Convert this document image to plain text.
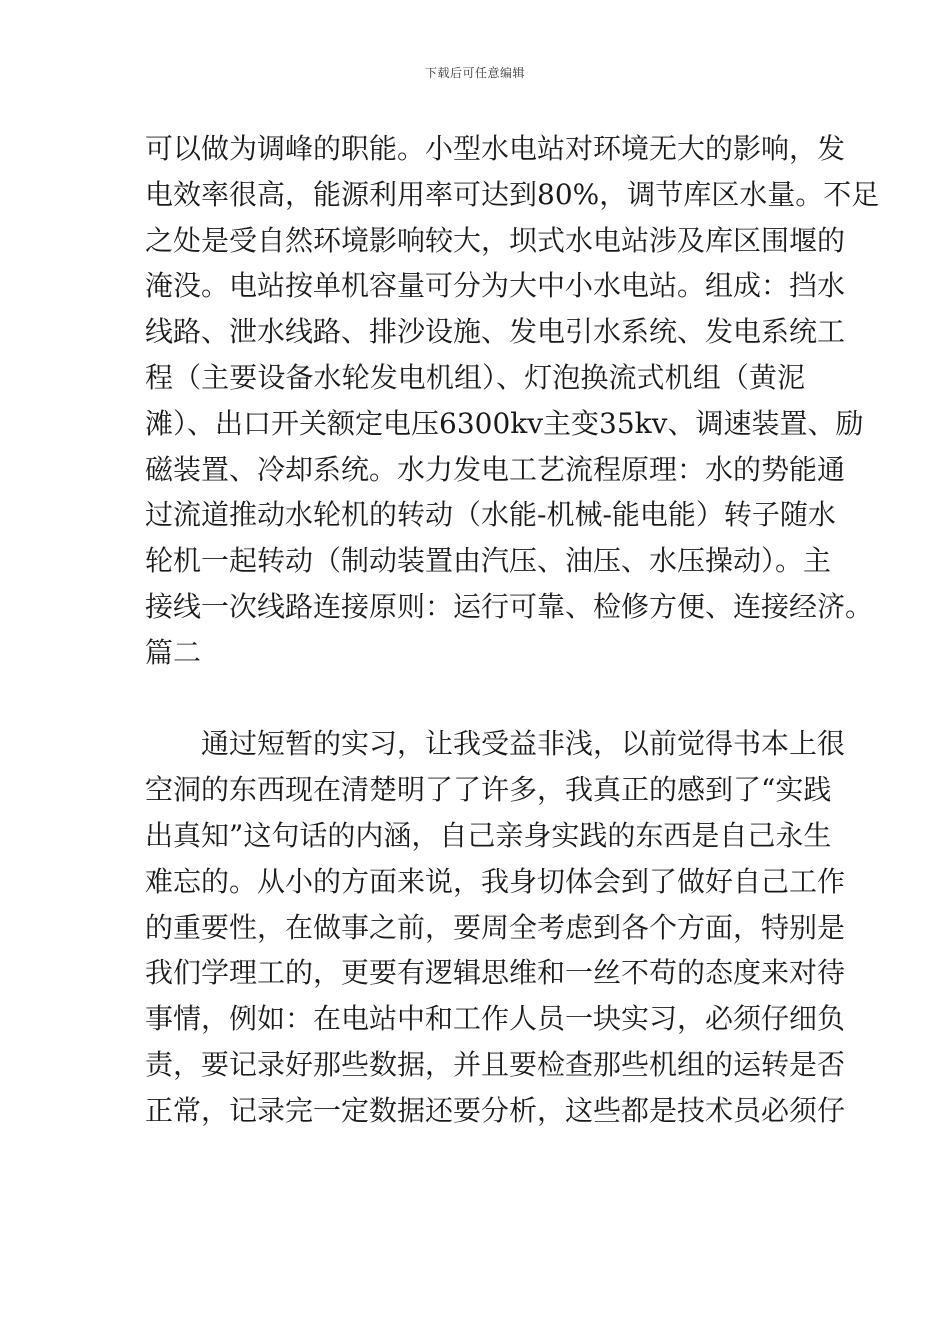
下载后可任意编辑
可以做为调峰的职能。小型水电站对环境无大的影响，发
电效率很高，能源利用率可达到80%，调节库区水量。不足
之处是受自然环境影响较大，坝式水电站涉及库区围堰的
淹没。电站按单机容量可分为大中小水电站。组成：挡水
线路、泄水线路、排沙设施、发电引水系统、发电系统工
程（主要设备水轮发电机组）、灯泡换流式机组（黄泥
滩）、出口开关额定电压6300kv主变35kv、调速装置、励
磁装置、冷却系统。水力发电工艺流程原理：水的势能通
过流道推动水轮机的转动（水能-机械-能电能）转子随水
轮机一起转动（制动装置由汽压、油压、水压操动）。主
接线一次线路连接原则：运行可靠、检修方便、连接经济。
篇二
　　通过短暂的实习，让我受益非浅，以前觉得书本上很
空洞的东西现在清楚明了了许多，我真正的感到了“实践
出真知”这句话的内涵，自己亲身实践的东西是自己永生
难忘的。从小的方面来说，我身切体会到了做好自己工作
的重要性，在做事之前，要周全考虑到各个方面，特别是
我们学理工的，更要有逻辑思维和一丝不苟的态度来对待
事情，例如：在电站中和工作人员一块实习，必须仔细负
责，要记录好那些数据，并且要检查那些机组的运转是否
正常，记录完一定数据还要分析，这些都是技术员必须仔
